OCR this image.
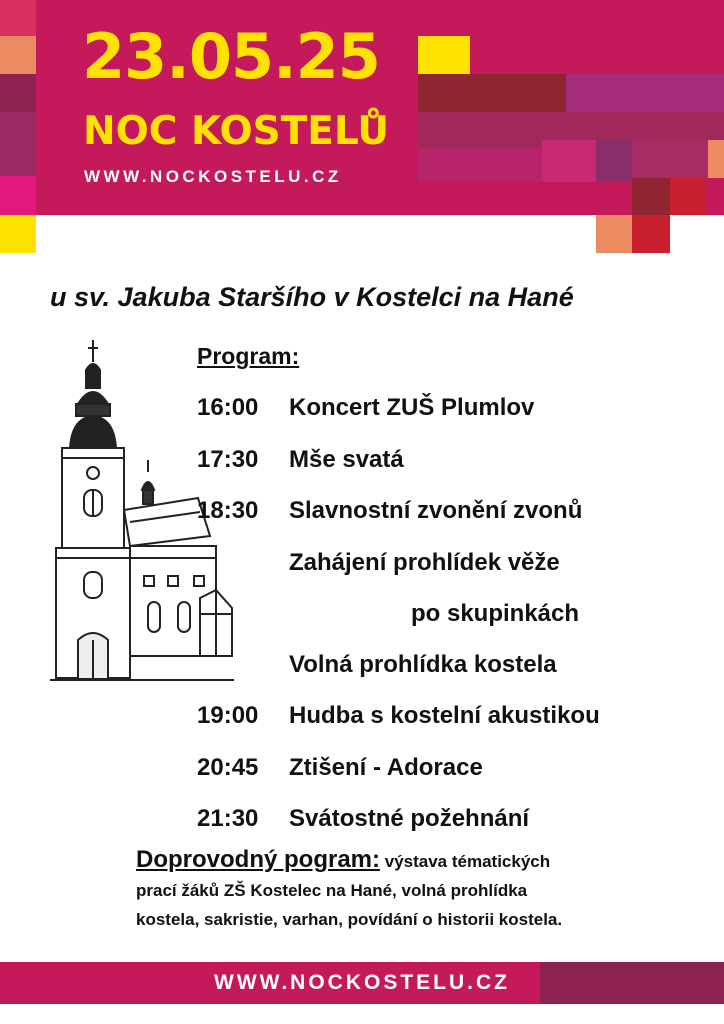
23.05.25
NOC KOSTELŮ
WWW.NOCKOSTELU.CZ
u sv. Jakuba Staršího v Kostelci na Hané
Program:
16:00 Koncert ZUŠ Plumlov
17:30 Mše svatá
18:30 Slavnostní zvonění zvonů
Zahájení prohlídek věže
po skupinkách
Volná prohlídka kostela
19:00 Hudba s kostelní akustikou
20:45 Ztišení - Adorace
21:30 Svátostné požehnání
Doprovodný pogram: výstava tématických
prací žáků ZŠ Kostelec na Hané, volná prohlídka
kostela, sakristie, varhan, povídání o historii kostela.
WWW.NOCKOSTELU.CZ
